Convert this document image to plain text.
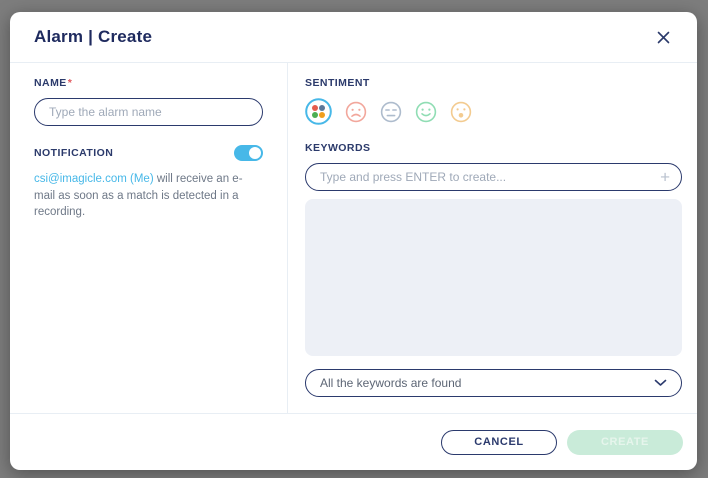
Alarm | Create
NAME*
Type the alarm name
NOTIFICATION
csi@imagicle.com (Me) will receive an e-mail as soon as a match is detected in a recording.
SENTIMENT
KEYWORDS
Type and press ENTER to create...
+
All the keywords are found
CANCEL	CREATE
